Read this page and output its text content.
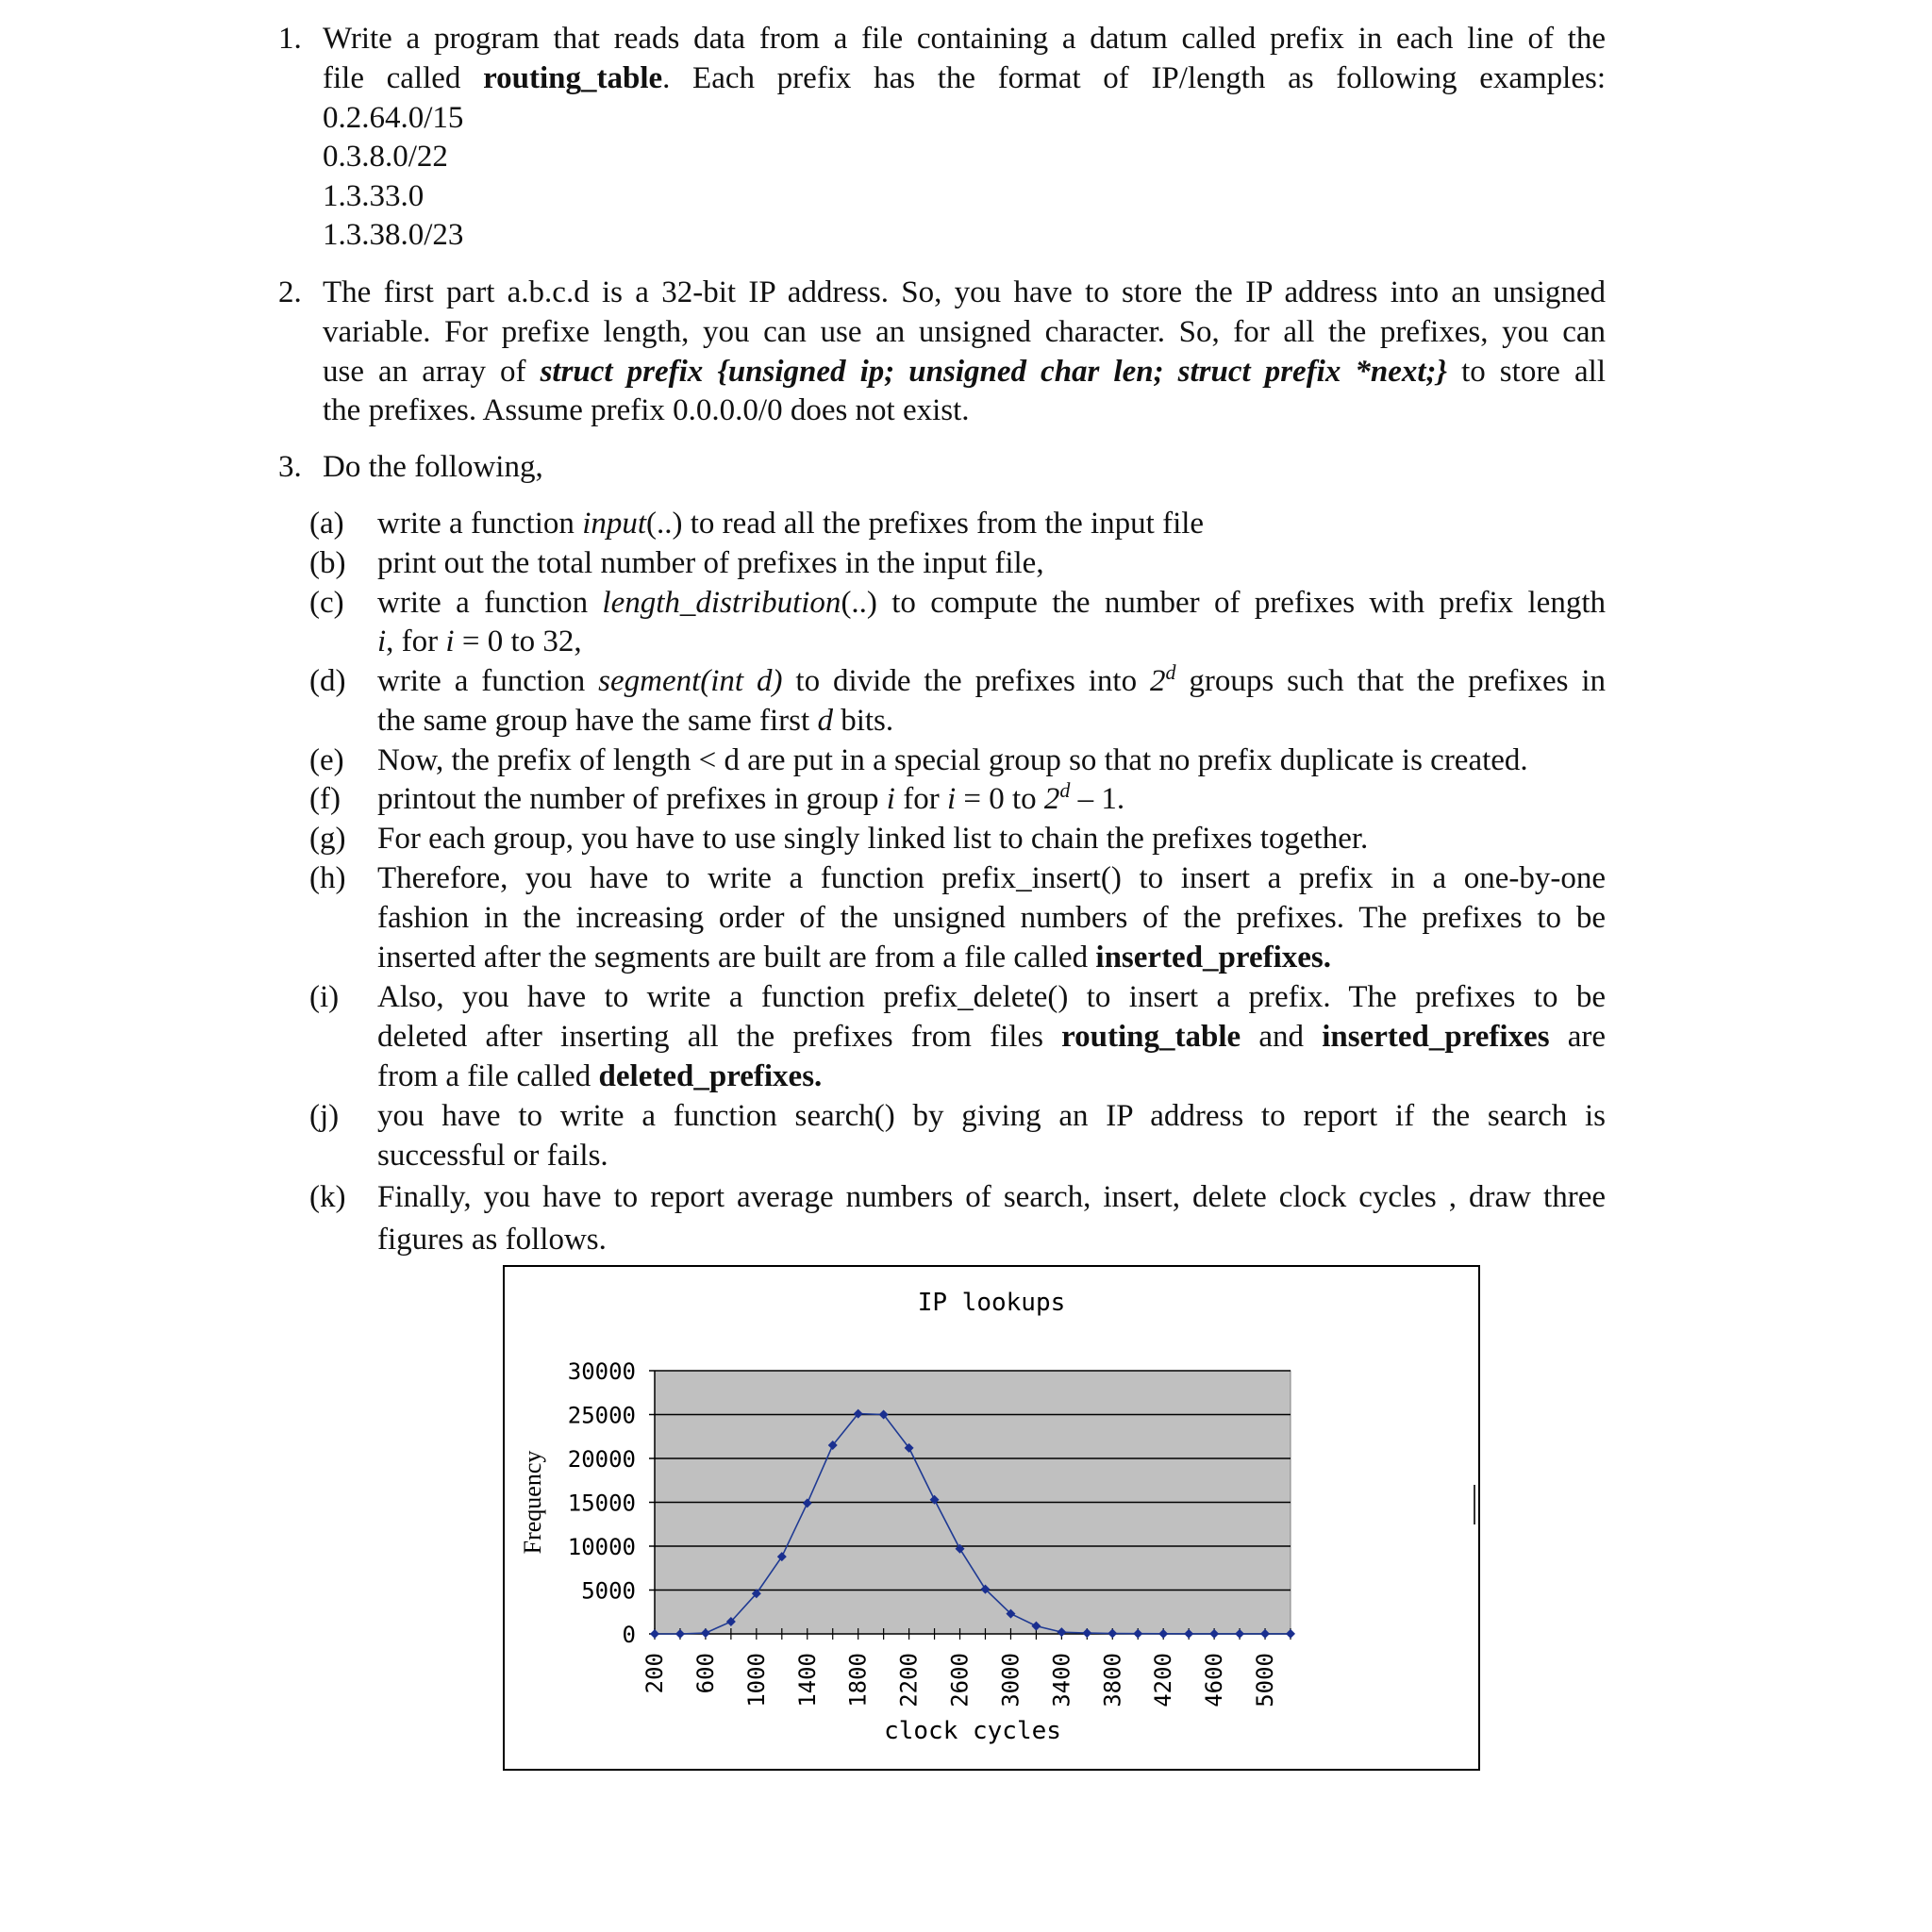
1. Write a program that reads data from a file containing a datum called prefix in each line of the
file called routing_table. Each prefix has the format of IP/length as following examples:
0.2.64.0/15
0.3.8.0/22
1.3.33.0
1.3.38.0/23
2. The first part a.b.c.d is a 32-bit IP address. So, you have to store the IP address into an unsigned
variable. For prefixe length, you can use an unsigned character. So, for all the prefixes, you can
use an array of struct prefix {unsigned ip; unsigned char len; struct prefix *next;} to store all
the prefixes. Assume prefix 0.0.0.0/0 does not exist.
3. Do the following,
(a) write a function input(..) to read all the prefixes from the input file
(b) print out the total number of prefixes in the input file,
(c) write a function length_distribution(..) to compute the number of prefixes with prefix length
i, for i = 0 to 32,
(d) write a function segment(int d) to divide the prefixes into 2$^d$ groups such that the prefixes in
the same group have the same first d bits.
(e) Now, the prefix of length < d are put in a special group so that no prefix duplicate is created.
(f) printout the number of prefixes in group i for i = 0 to 2$^d$ – 1.
(g) For each group, you have to use singly linked list to chain the prefixes together.
(h) Therefore, you have to write a function prefix_insert() to insert a prefix in a one-by-one
fashion in the increasing order of the unsigned numbers of the prefixes. The prefixes to be
inserted after the segments are built are from a file called inserted_prefixes.
(i) Also, you have to write a function prefix_delete() to insert a prefix. The prefixes to be
deleted after inserting all the prefixes from files routing_table and inserted_prefixes are
from a file called deleted_prefixes.
(j) you have to write a function search() by giving an IP address to report if the search is
successful or fails.
(k) Finally, you have to report average numbers of search, insert, delete clock cycles , draw three
figures as follows.
IP lookups
0
5000
10000
15000
20000
25000
30000
200 600 1000 1400 1800 2200 2600 3000 3400 3800 4200 4600 5000
clock cycles
Frequency
